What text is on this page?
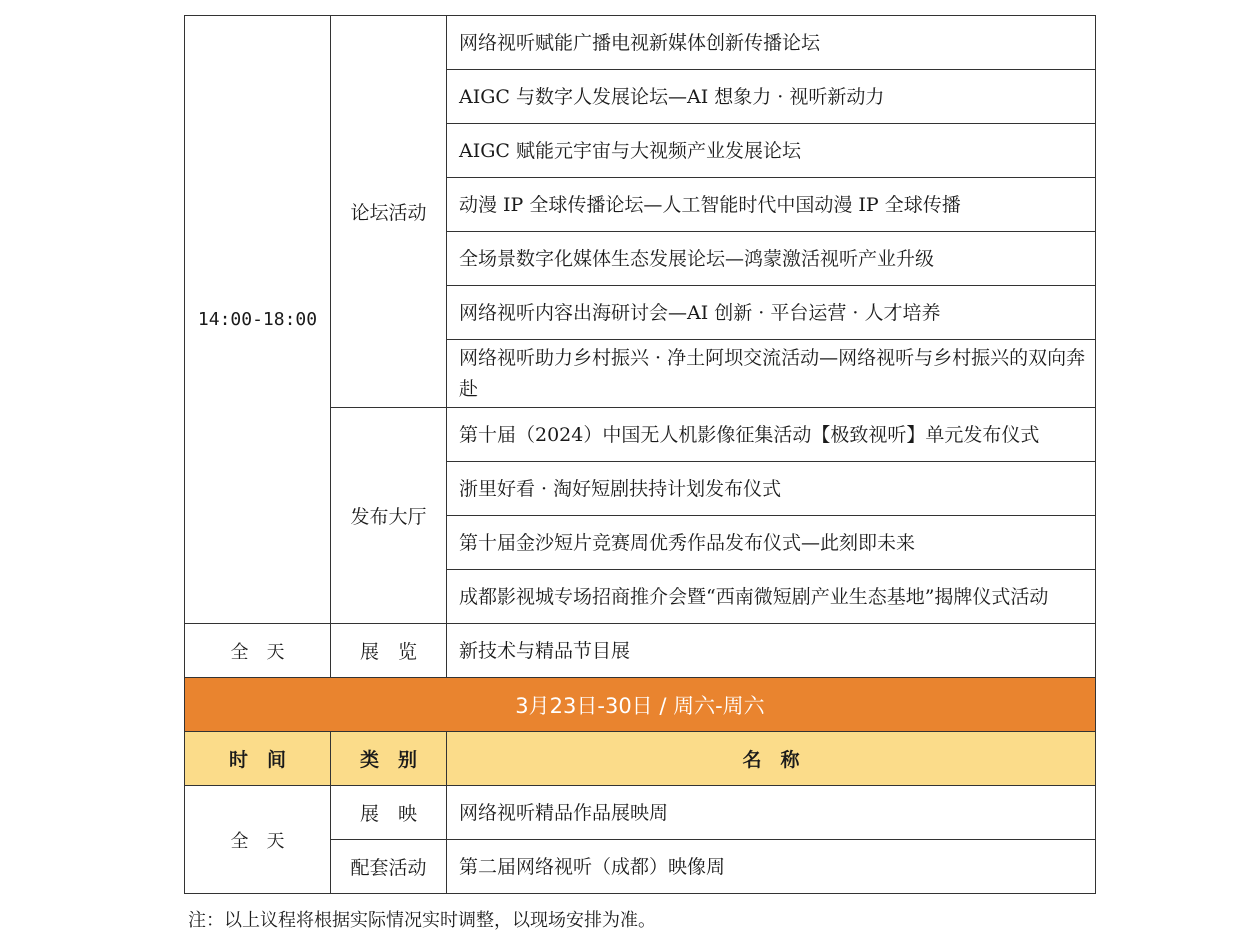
14:00-18:00	论坛活动	网络视听赋能广播电视新媒体创新传播论坛
		AIGC 与数字人发展论坛—AI 想象力 · 视听新动力
		AIGC 赋能元宇宙与大视频产业发展论坛
		动漫 IP 全球传播论坛—人工智能时代中国动漫 IP 全球传播
		全场景数字化媒体生态发展论坛—鸿蒙激活视听产业升级
		网络视听内容出海研讨会—AI 创新 · 平台运营 · 人才培养
		网络视听助力乡村振兴 · 净土阿坝交流活动—网络视听与乡村振兴的双向奔赴
	发布大厅	第十届（2024）中国无人机影像征集活动【极致视听】单元发布仪式
		浙里好看 · 淘好短剧扶持计划发布仪式
		第十届金沙短片竞赛周优秀作品发布仪式—此刻即未来
		成都影视城专场招商推介会暨“西南微短剧产业生态基地”揭牌仪式活动
全　天	展　览	新技术与精品节目展
3月23日-30日 / 周六-周六		
时　间	类　别	名　称
全　天	展　映	网络视听精品作品展映周
	配套活动	第二届网络视听（成都）映像周
注：以上议程将根据实际情况实时调整，以现场安排为准。
